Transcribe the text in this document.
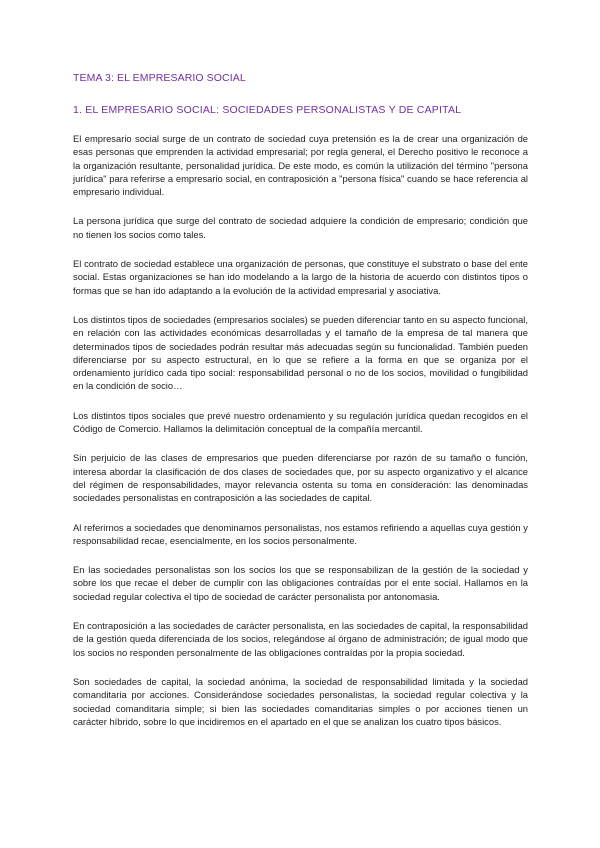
TEMA 3: EL EMPRESARIO SOCIAL
1. EL EMPRESARIO SOCIAL: SOCIEDADES PERSONALISTAS Y DE CAPITAL

El empresario social surge de un contrato de sociedad cuya pretensión es la de crear una organización de esas personas que emprenden la actividad empresarial; por regla general, el Derecho positivo le reconoce a la organización resultante, personalidad jurídica. De este modo, es común la utilización del término "persona jurídica" para referirse a empresario social, en contraposición a "persona física" cuando se hace referencia al empresario individual.

La persona jurídica que surge del contrato de sociedad adquiere la condición de empresario; condición que no tienen los socios como tales.

El contrato de sociedad establece una organización de personas, que constituye el substrato o base del ente social. Estas organizaciones se han ido modelando a la largo de la historia de acuerdo con distintos tipos o formas que se han ido adaptando a la evolución de la actividad empresarial y asociativa.

Los distintos tipos de sociedades (empresarios sociales) se pueden diferenciar tanto en su aspecto funcional, en relación con las actividades económicas desarrolladas y el tamaño de la empresa de tal manera que determinados tipos de sociedades podrán resultar más adecuadas según su funcionalidad. También pueden diferenciarse por su aspecto estructural, en lo que se refiere a la forma en que se organiza por el ordenamiento jurídico cada tipo social: responsabilidad personal o no de los socios, movilidad o fungibilidad en la condición de socio…

Los distintos tipos sociales que prevé nuestro ordenamiento y su regulación jurídica quedan recogidos en el Código de Comercio. Hallamos la delimitación conceptual de la compañía mercantil.

Sin perjuicio de las clases de empresarios que pueden diferenciarse por razón de su tamaño o función, interesa abordar la clasificación de dos clases de sociedades que, por su aspecto organizativo y el alcance del régimen de responsabilidades, mayor relevancia ostenta su toma en consideración: las denominadas sociedades personalistas en contraposición a las sociedades de capital.

Al referirnos a sociedades que denominamos personalistas, nos estamos refiriendo a aquellas cuya gestión y responsabilidad recae, esencialmente, en los socios personalmente.

En las sociedades personalistas son los socios los que se responsabilizan de la gestión de la sociedad y sobre los que recae el deber de cumplir con las obligaciones contraídas por el ente social. Hallamos en la sociedad regular colectiva el tipo de sociedad de carácter personalista por antonomasia.

En contraposición a las sociedades de carácter personalista, en las sociedades de capital, la responsabilidad de la gestión queda diferenciada de los socios, relegándose al órgano de administración; de igual modo que los socios no responden personalmente de las obligaciones contraídas por la propia sociedad.

Son sociedades de capital, la sociedad anónima, la sociedad de responsabilidad limitada y la sociedad comanditaria por acciones. Considerándose sociedades personalistas, la sociedad regular colectiva y la sociedad comanditaria simple; si bien las sociedades comanditarias simples o por acciones tienen un carácter híbrido, sobre lo que incidiremos en el apartado en el que se analizan los cuatro tipos básicos.
